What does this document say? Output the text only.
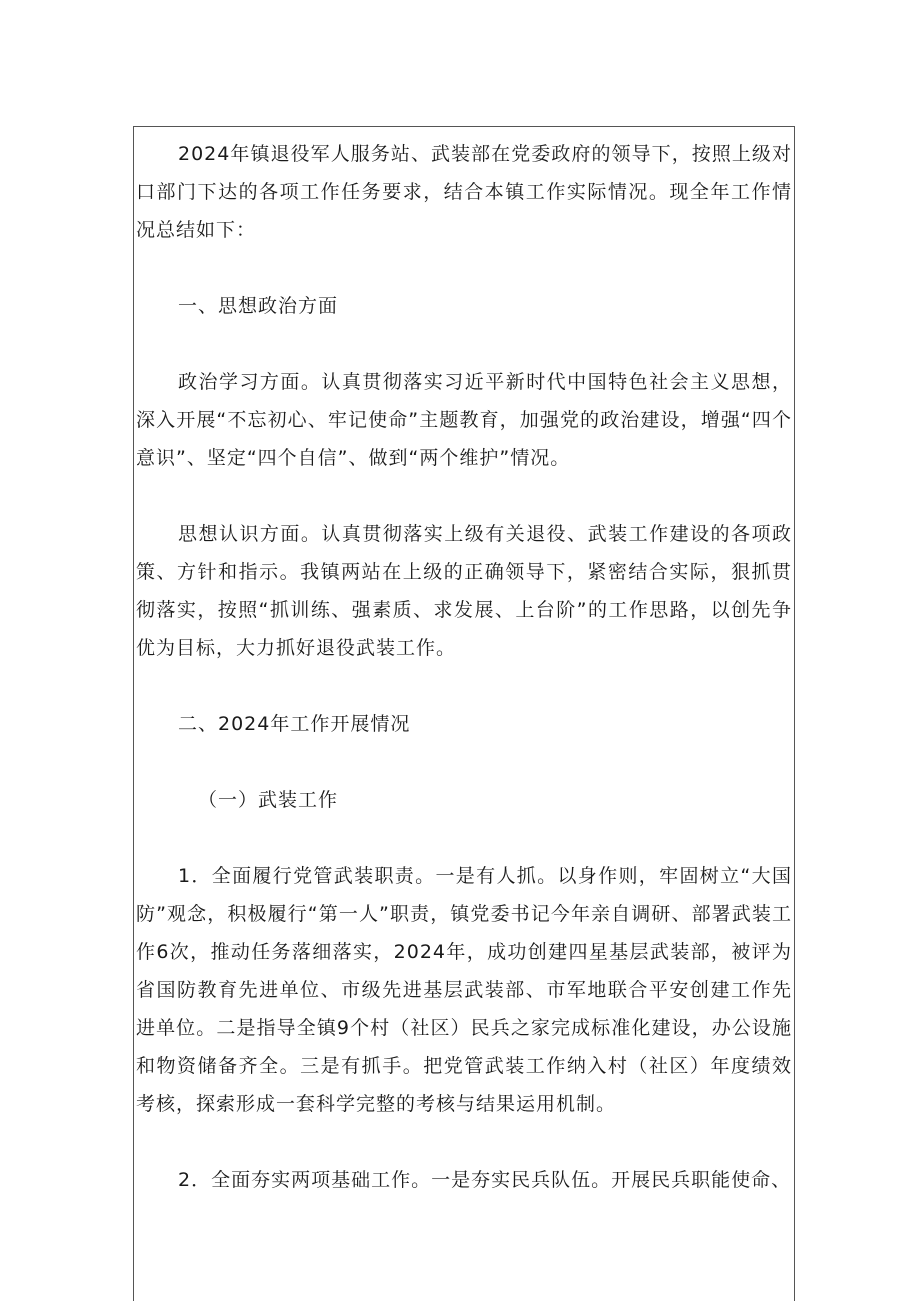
2024年镇退役军人服务站、武装部在党委政府的领导下，按照上级对口部门下达的各项工作任务要求，结合本镇工作实际情况。现全年工作情况总结如下：

一、思想政治方面

政治学习方面。认真贯彻落实习近平新时代中国特色社会主义思想，深入开展“不忘初心、牢记使命”主题教育，加强党的政治建设，增强“四个意识”、坚定“四个自信”、做到“两个维护”情况。

思想认识方面。认真贯彻落实上级有关退役、武装工作建设的各项政策、方针和指示。我镇两站在上级的正确领导下，紧密结合实际，狠抓贯彻落实，按照“抓训练、强素质、求发展、上台阶”的工作思路，以创先争优为目标，大力抓好退役武装工作。

二、2024年工作开展情况

（一）武装工作

1．全面履行党管武装职责。一是有人抓。以身作则，牢固树立“大国防”观念，积极履行“第一人”职责，镇党委书记今年亲自调研、部署武装工作6次，推动任务落细落实，2024年，成功创建四星基层武装部，被评为省国防教育先进单位、市级先进基层武装部、市军地联合平安创建工作先进单位。二是指导全镇9个村（社区）民兵之家完成标准化建设，办公设施和物资储备齐全。三是有抓手。把党管武装工作纳入村（社区）年度绩效考核，探索形成一套科学完整的考核与结果运用机制。

2．全面夯实两项基础工作。一是夯实民兵队伍。开展民兵职能使命、
